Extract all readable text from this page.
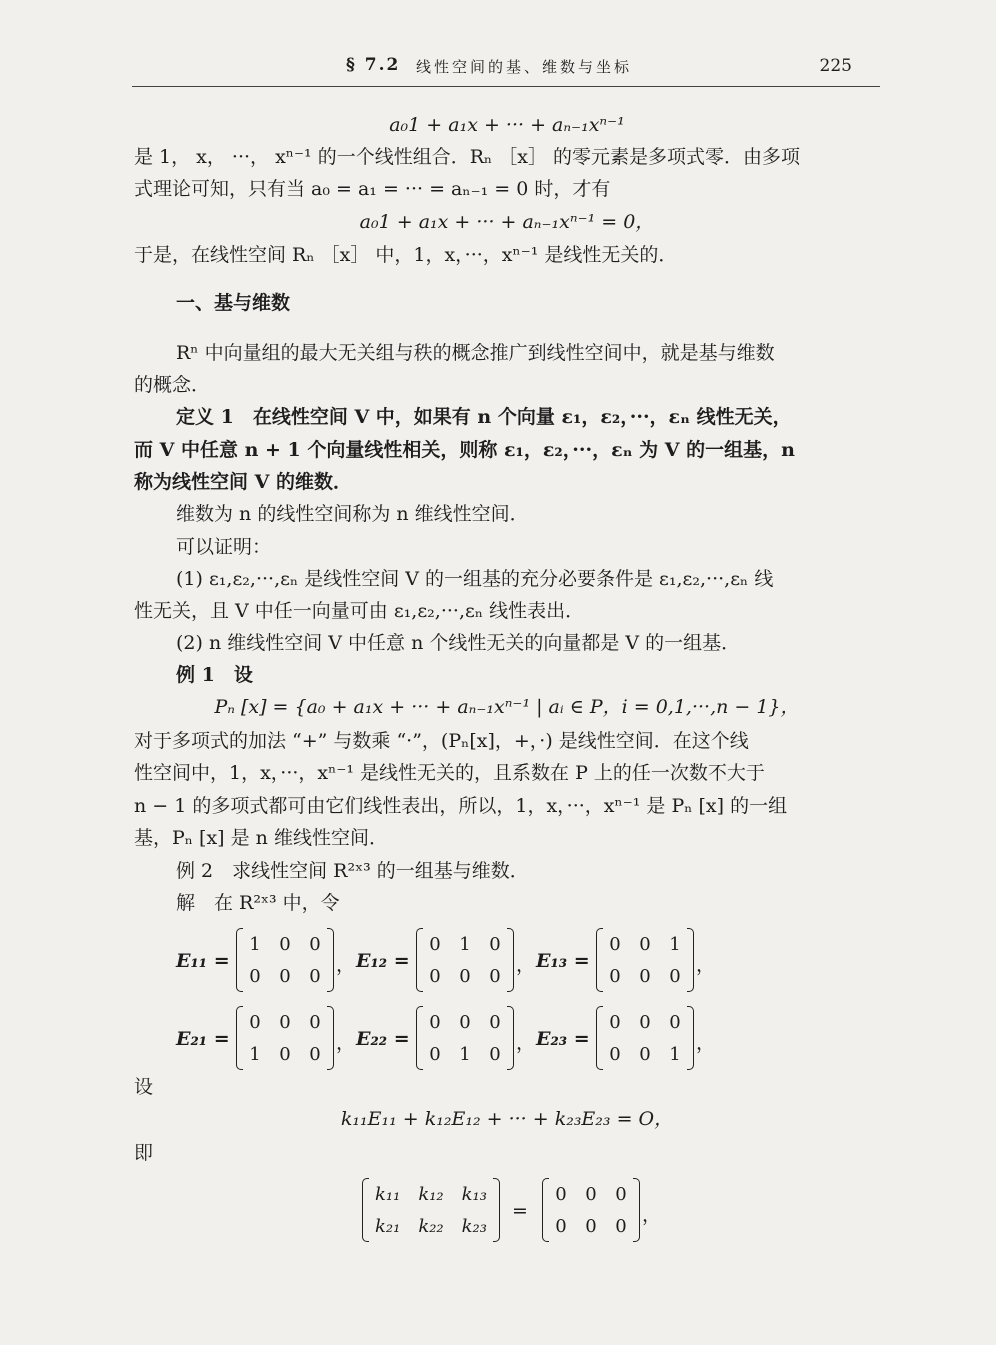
§ 7.2 线性空间的基、维数与坐标	225
a₀1 + a₁x + ··· + aₙ₋₁xⁿ⁻¹
是 1， x， ···， xⁿ⁻¹ 的一个线性组合．Rₙ ［x］ 的零元素是多项式零．由多项
式理论可知，只有当 a₀ = a₁ = ··· = aₙ₋₁ = 0 时，才有
a₀1 + a₁x + ··· + aₙ₋₁xⁿ⁻¹ = 0，
于是，在线性空间 Rₙ ［x］ 中，1，x，···，xⁿ⁻¹ 是线性无关的．
一、基与维数
Rⁿ 中向量组的最大无关组与秩的概念推广到线性空间中，就是基与维数
的概念．
定义 1　在线性空间 V 中，如果有 n 个向量 ε₁，ε₂，···，εₙ 线性无关，
而 V 中任意 n + 1 个向量线性相关，则称 ε₁，ε₂，···，εₙ 为 V 的一组基，n
称为线性空间 V 的维数．
维数为 n 的线性空间称为 n 维线性空间．
可以证明：
(1) ε₁,ε₂,···,εₙ 是线性空间 V 的一组基的充分必要条件是 ε₁,ε₂,···,εₙ 线
性无关，且 V 中任一向量可由 ε₁,ε₂,···,εₙ 线性表出．
(2) n 维线性空间 V 中任意 n 个线性无关的向量都是 V 的一组基．
例 1　设
Pₙ [x] = {a₀ + a₁x + ··· + aₙ₋₁xⁿ⁻¹ | aᵢ ∈ P，i = 0,1,···,n − 1}，
对于多项式的加法 “+” 与数乘 “·”，(Pₙ[x]，+，·) 是线性空间．在这个线
性空间中，1，x，···，xⁿ⁻¹ 是线性无关的，且系数在 P 上的任一次数不大于
n − 1 的多项式都可由它们线性表出，所以，1，x，···，xⁿ⁻¹ 是 Pₙ [x] 的一组
基，Pₙ [x] 是 n 维线性空间．
例 2　求线性空间 R²ˣ³ 的一组基与维数．
解　在 R²ˣ³ 中，令
E₁₁ =
1 0 0
0 0 0 ， E₁₂ =
0 1 0
0 0 0 ， E₁₃ =
0 0 1
0 0 0 ，
E₂₁ =
0 0 0
1 0 0 ， E₂₂ =
0 0 0
0 1 0 ， E₂₃ =
0 0 0
0 0 1 ，
设
k₁₁E₁₁ + k₁₂E₁₂ + ··· + k₂₃E₂₃ = O，
即
k₁₁ k₁₂ k₁₃
k₂₁ k₂₂ k₂₃
=
0 0 0
0 0 0 ，
